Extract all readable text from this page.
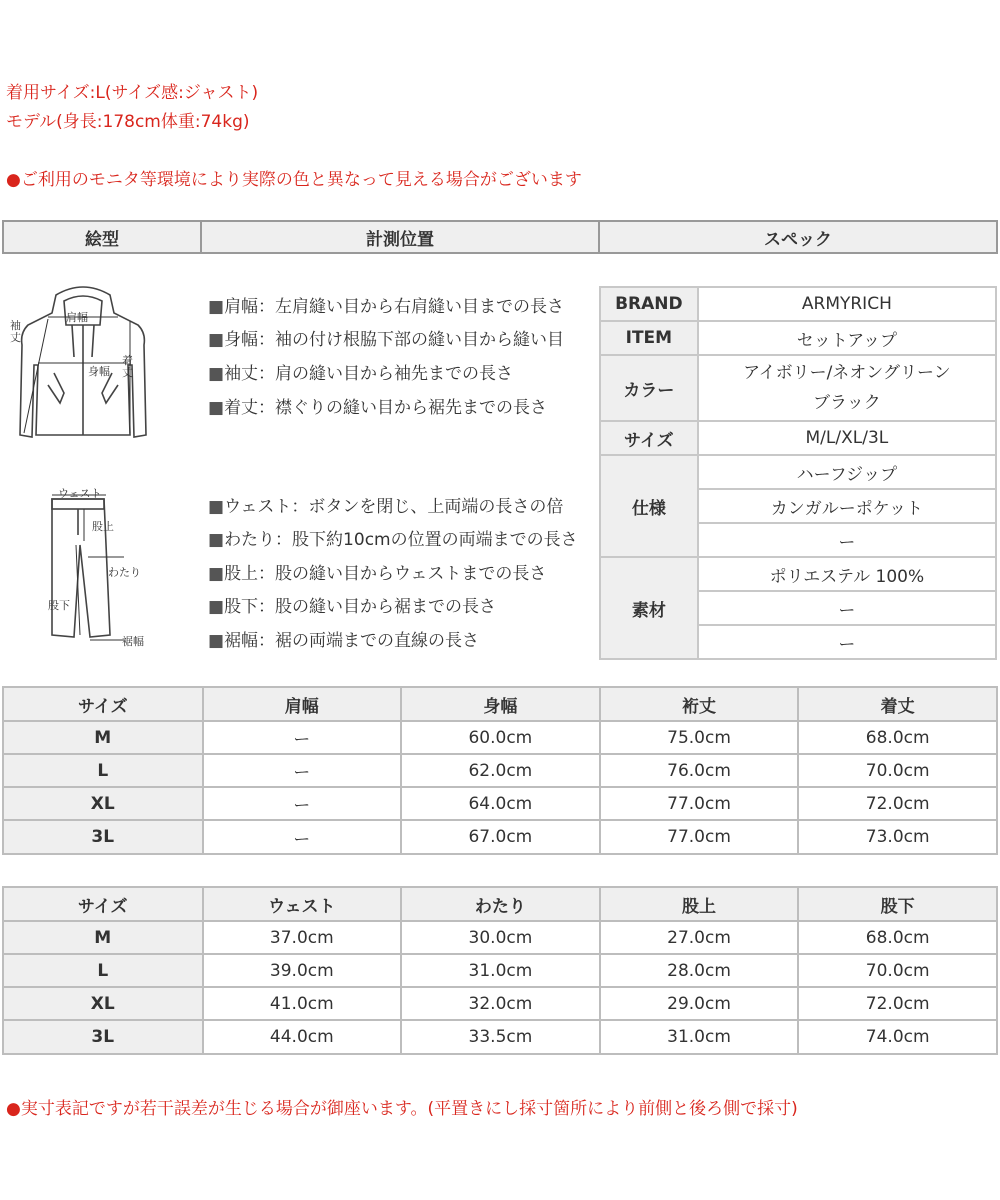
着用サイズ:L(サイズ感:ジャスト)
モデル(身長:178cm体重:74kg)
●ご利用のモニタ等環境により実際の色と異なって見える場合がございます
絵型	計測位置	スペック
肩幅
袖丈
身幅
着丈
ウェスト
股上
わたり
股下
裾幅
■肩幅：左肩縫い目から右肩縫い目までの長さ
■身幅：袖の付け根脇下部の縫い目から縫い目
■袖丈：肩の縫い目から袖先までの長さ
■着丈：襟ぐりの縫い目から裾先までの長さ
■ウェスト：ボタンを閉じ、上両端の長さの倍
■わたり：股下約10cmの位置の両端までの長さ
■股上：股の縫い目からウェストまでの長さ
■股下：股の縫い目から裾までの長さ
■裾幅：裾の両端までの直線の長さ
BRAND	ARMYRICH
ITEM	セットアップ
カラー	アイボリー/ネオングリーン
ブラック

サイズ	M/L/XL/3L
仕様	ハーフジップ
	カンガルーポケット
	ー
素材	ポリエステル 100%
	ー
	ー
サイズ	肩幅	身幅	裄丈	着丈
M	ー	60.0cm	75.0cm	68.0cm
L	ー	62.0cm	76.0cm	70.0cm
XL	ー	64.0cm	77.0cm	72.0cm
3L	ー	67.0cm	77.0cm	73.0cm
サイズ	ウェスト	わたり	股上	股下
M	37.0cm	30.0cm	27.0cm	68.0cm
L	39.0cm	31.0cm	28.0cm	70.0cm
XL	41.0cm	32.0cm	29.0cm	72.0cm
3L	44.0cm	33.5cm	31.0cm	74.0cm
●実寸表記ですが若干誤差が生じる場合が御座います。(平置きにし採寸箇所により前側と後ろ側で採寸)
